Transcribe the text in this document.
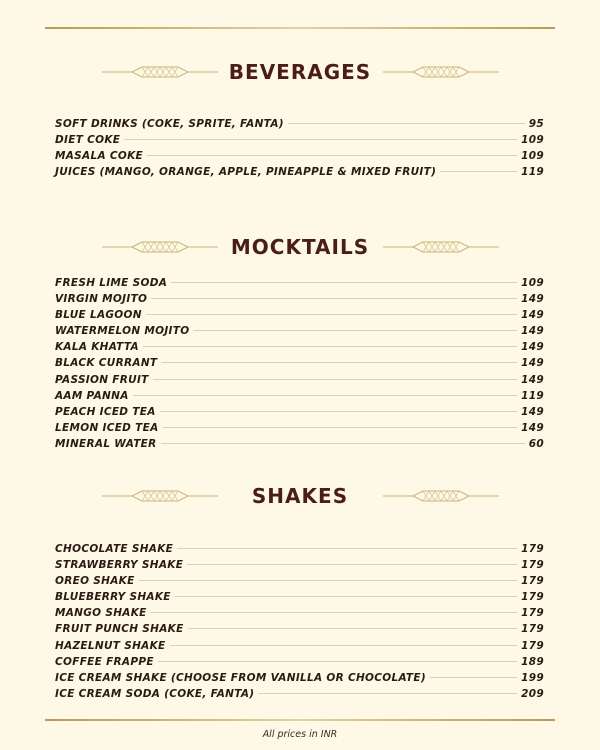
BEVERAGES
SOFT DRINKS (COKE, SPRITE, FANTA)	95
DIET COKE	109
MASALA COKE	109
JUICES (MANGO, ORANGE, APPLE, PINEAPPLE & MIXED FRUIT)	119
MOCKTAILS
FRESH LIME SODA	109
VIRGIN MOJITO	149
BLUE LAGOON	149
WATERMELON MOJITO	149
KALA KHATTA	149
BLACK CURRANT	149
PASSION FRUIT	149
AAM PANNA	119
PEACH ICED TEA	149
LEMON ICED TEA	149
MINERAL WATER	60
SHAKES
CHOCOLATE SHAKE	179
STRAWBERRY SHAKE	179
OREO SHAKE	179
BLUEBERRY SHAKE	179
MANGO SHAKE	179
FRUIT PUNCH SHAKE	179
HAZELNUT SHAKE	179
COFFEE FRAPPE	189
ICE CREAM SHAKE (CHOOSE FROM VANILLA OR CHOCOLATE)	199
ICE CREAM SODA (COKE, FANTA)	209
All prices in INR
